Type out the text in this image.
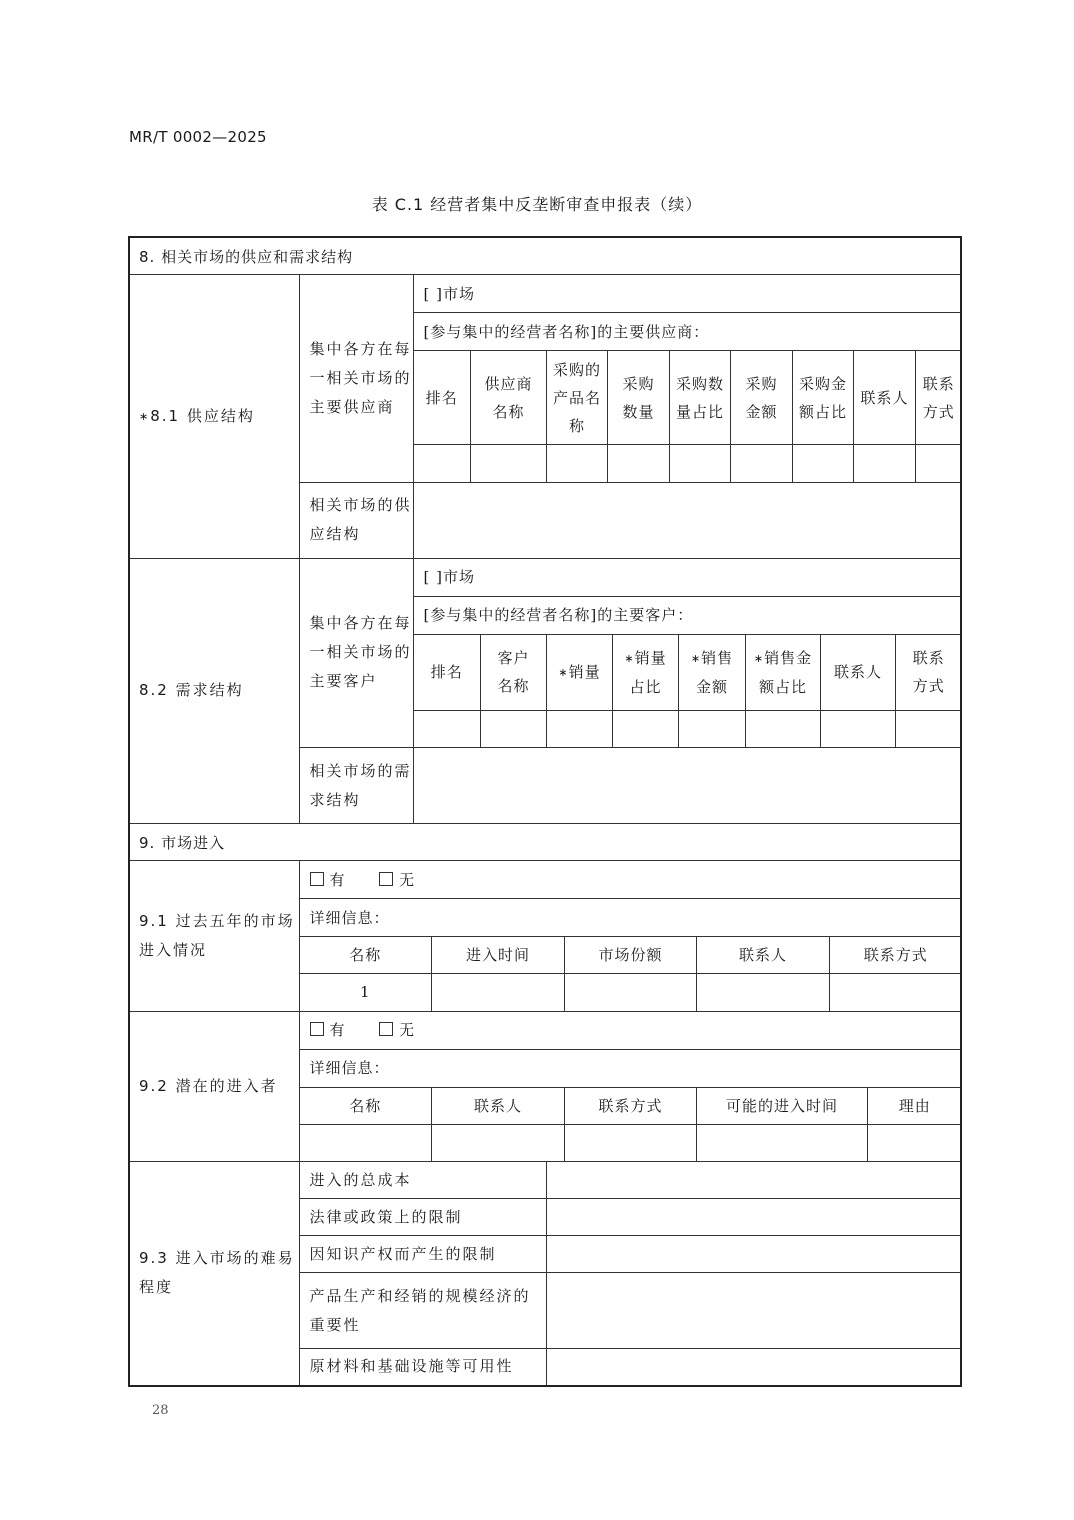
MR/T 0002—2025
表 C.1 经营者集中反垄断审查申报表（续）
8. 相关市场的供应和需求结构
∗8.1 供应结构	集中各方在每一相关市场的主要供应商	
[ ]市场
[参与集中的经营者名称]的主要供应商：
排名	供应商名称	采购的产品名称	采购数量	采购数量占比	采购金额	采购金额占比	联系人	联系方式

相关市场的供应结构	
8.2 需求结构	集中各方在每一相关市场的主要客户	
[ ]市场
[参与集中的经营者名称]的主要客户：
排名	客户名称	∗销量	∗销量占比	∗销售金额	∗销售金额占比	联系人	联系方式

相关市场的需求结构	
9. 市场进入
9.1 过去五年的市场进入情况	
有	无
详细信息：
名称	进入时间	市场份额	联系人	联系方式
1				

9.2 潜在的进入者	
有	无
详细信息：
名称	联系人	联系方式	可能的进入时间	理由

9.3 进入市场的难易程度	进入的总成本	
法律或政策上的限制	
因知识产权而产生的限制	
产品生产和经销的规模经济的重要性	
原材料和基础设施等可用性	
28
